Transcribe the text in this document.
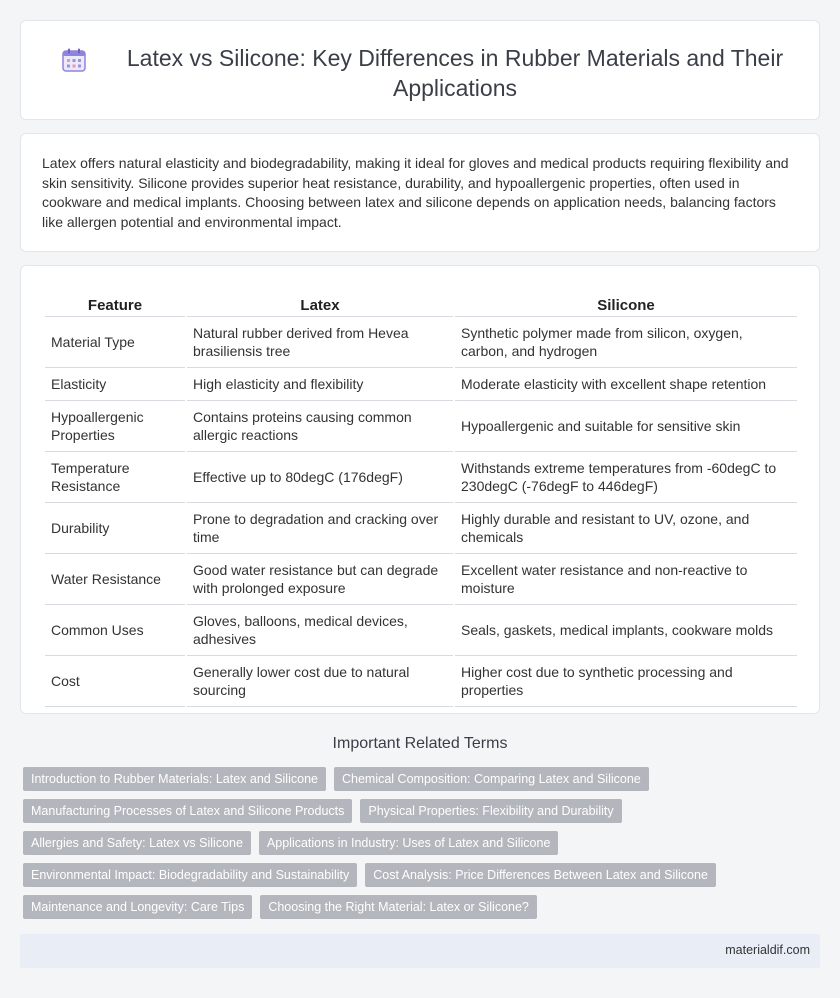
Latex vs Silicone: Key Differences in Rubber Materials and Their Applications

Latex offers natural elasticity and biodegradability, making it ideal for gloves and medical products requiring flexibility and skin sensitivity. Silicone provides superior heat resistance, durability, and hypoallergenic properties, often used in cookware and medical implants. Choosing between latex and silicone depends on application needs, balancing factors like allergen potential and environmental impact.

Feature	Latex	Silicone
Material Type	Natural rubber derived from Hevea brasiliensis tree	Synthetic polymer made from silicon, oxygen, carbon, and hydrogen
Elasticity	High elasticity and flexibility	Moderate elasticity with excellent shape retention
Hypoallergenic Properties	Contains proteins causing common allergic reactions	Hypoallergenic and suitable for sensitive skin
Temperature Resistance	Effective up to 80degC (176degF)	Withstands extreme temperatures from -60degC to 230degC (-76degF to 446degF)
Durability	Prone to degradation and cracking over time	Highly durable and resistant to UV, ozone, and chemicals
Water Resistance	Good water resistance but can degrade with prolonged exposure	Excellent water resistance and non-reactive to moisture
Common Uses	Gloves, balloons, medical devices, adhesives	Seals, gaskets, medical implants, cookware molds
Cost	Generally lower cost due to natural sourcing	Higher cost due to synthetic processing and properties
Important Related Terms
Introduction to Rubber Materials: Latex and Silicone	Chemical Composition: Comparing Latex and Silicone
Manufacturing Processes of Latex and Silicone Products	Physical Properties: Flexibility and Durability
Allergies and Safety: Latex vs Silicone	Applications in Industry: Uses of Latex and Silicone
Environmental Impact: Biodegradability and Sustainability	Cost Analysis: Price Differences Between Latex and Silicone
Maintenance and Longevity: Care Tips	Choosing the Right Material: Latex or Silicone?
materialdif.com
